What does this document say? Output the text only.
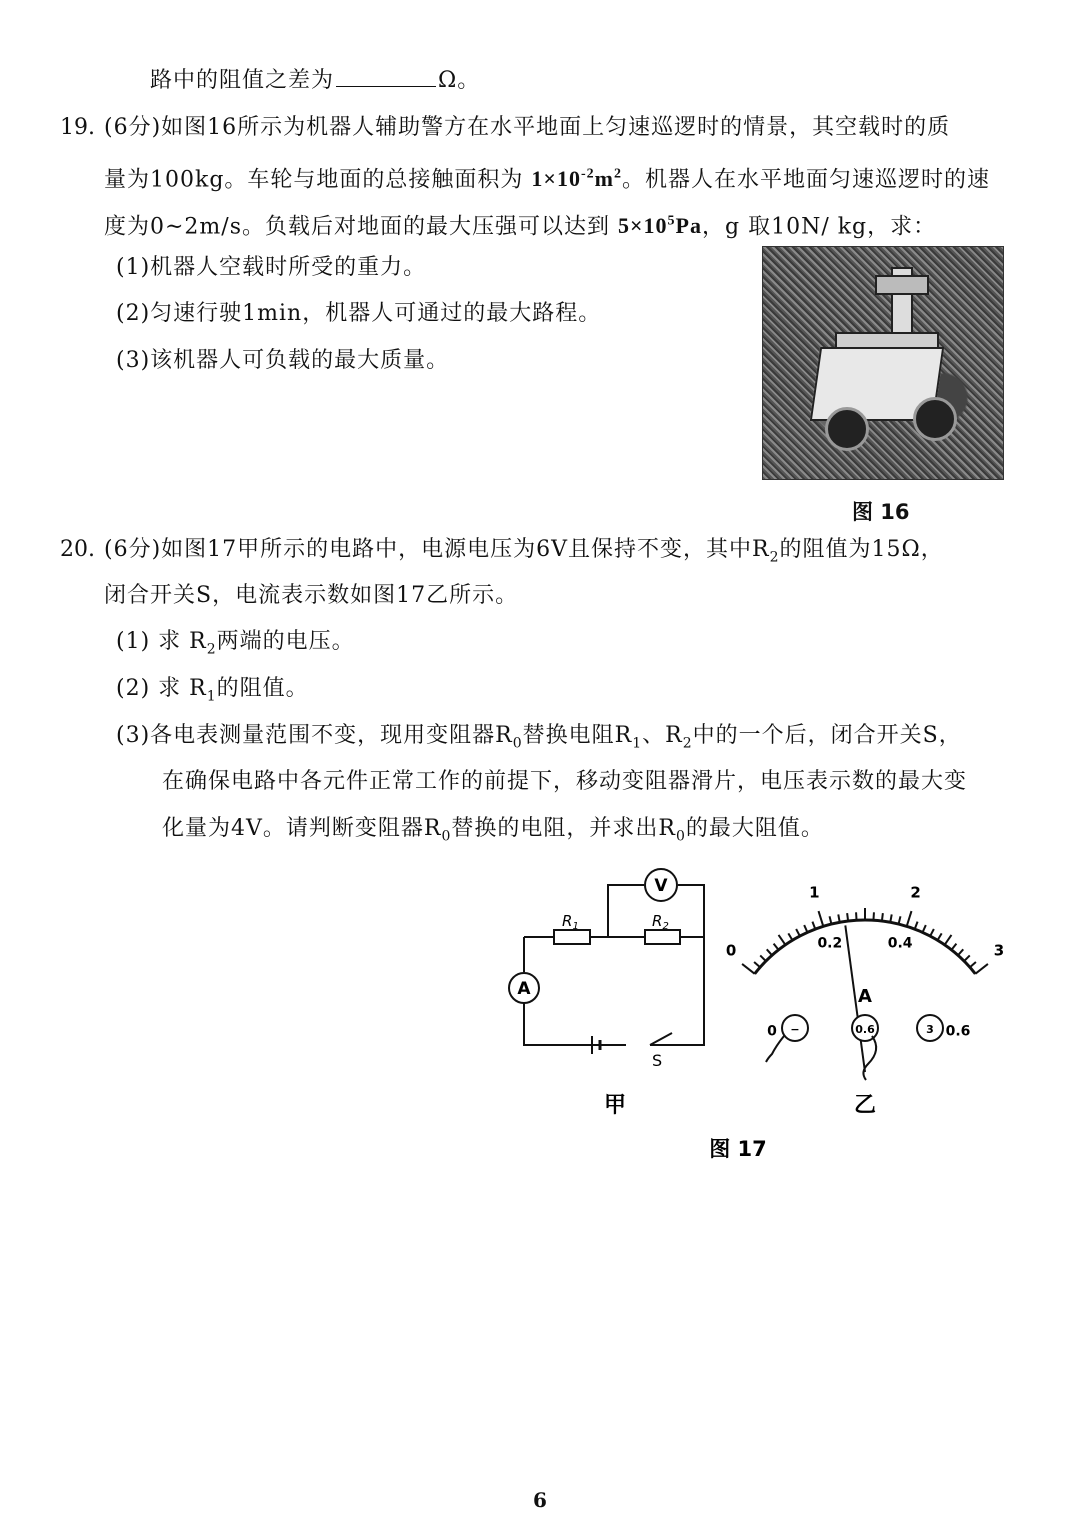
路中的阻值之差为	Ω。
19. (6分)如图16所示为机器人辅助警方在水平地面上匀速巡逻时的情景，其空载时的质
量为100kg。车轮与地面的总接触面积为 $1\times 10^{-2}m^2$。机器人在水平地面匀速巡逻时的速
度为0~2m/s。负载后对地面的最大压强可以达到 $5\times 10^5Pa$，g 取10N/ kg，求：
(1)机器人空载时所受的重力。
(2)匀速行驶1min，机器人可通过的最大路程。
(3)该机器人可负载的最大质量。
图 16
20. (6分)如图17甲所示的电路中，电源电压为6V且保持不变，其中$R_2$的阻值为15Ω，
闭合开关S，电流表示数如图17乙所示。
(1) 求 $R_2$两端的电压。
(2) 求 $R_1$的阻值。
(3)各电表测量范围不变，现用变阻器$R_0$替换电阻$R_1$、$R_2$中的一个后，闭合开关S，
在确保电路中各元件正常工作的前提下，移动变阻器滑片，电压表示数的最大变
化量为4V。请判断变阻器$R_0$替换的电阻，并求出$R_0$的最大阻值。
A
V
$R_1$	$R_2$
S
甲
0
1	2
3
0
0.2	0.4
0.6
A
−	0.6	3
乙
图 17
6
